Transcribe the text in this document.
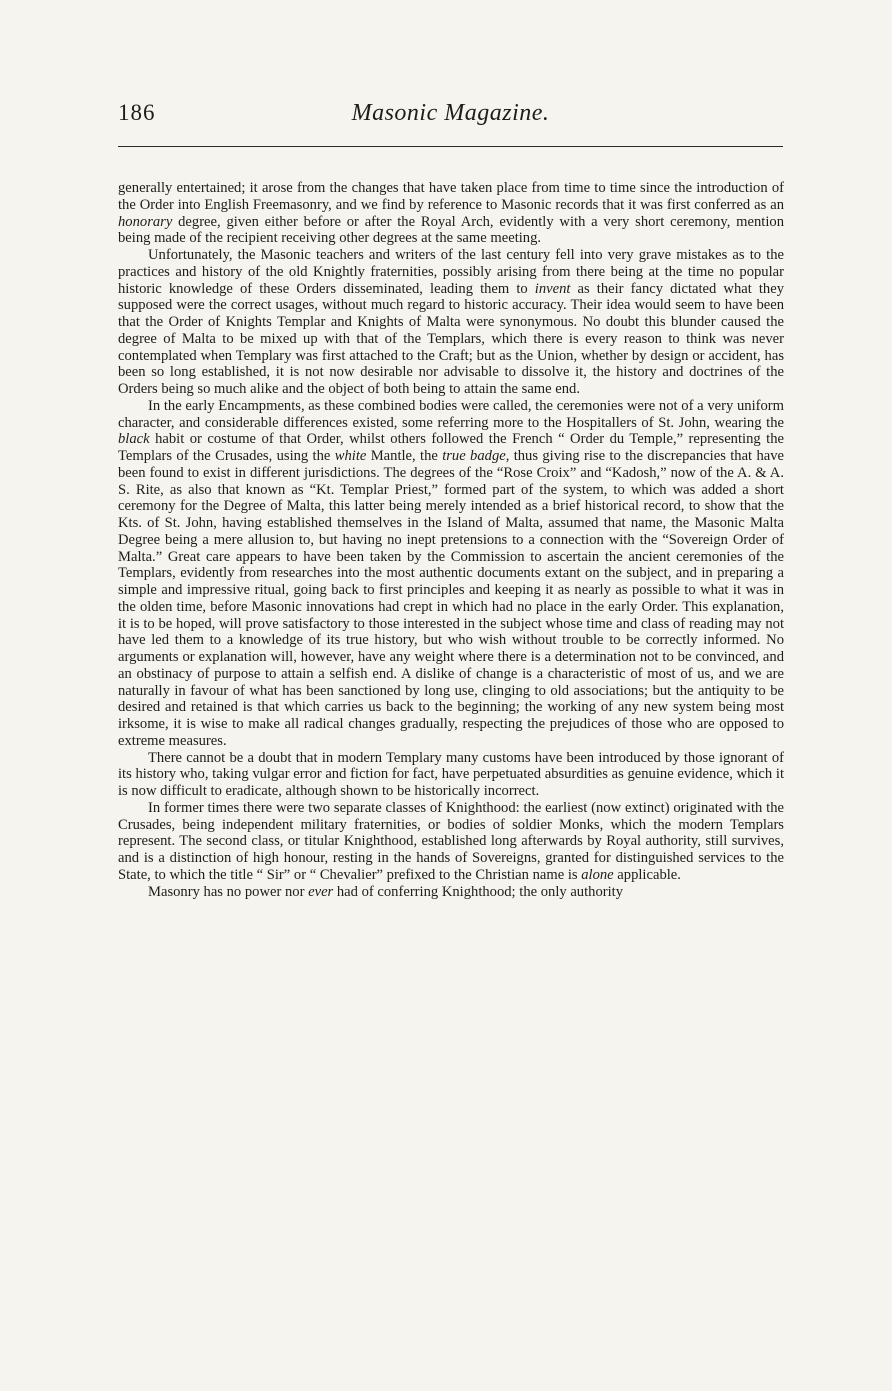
186	Masonic Magazine.

generally entertained; it arose from the changes that have taken place from time to time since the introduction of the Order into English Freemasonry, and we find by reference to Masonic records that it was first conferred as an honorary degree, given either before or after the Royal Arch, evidently with a very short ceremony, mention being made of the recipient receiving other degrees at the same meeting.

Unfortunately, the Masonic teachers and writers of the last century fell into very grave mistakes as to the practices and history of the old Knightly fraternities, possibly arising from there being at the time no popular historic knowledge of these Orders disseminated, leading them to invent as their fancy dictated what they supposed were the correct usages, without much regard to historic accuracy. Their idea would seem to have been that the Order of Knights Templar and Knights of Malta were synonymous. No doubt this blunder caused the degree of Malta to be mixed up with that of the Templars, which there is every reason to think was never contemplated when Templary was first attached to the Craft; but as the Union, whether by design or accident, has been so long established, it is not now desirable nor advisable to dissolve it, the history and doctrines of the Orders being so much alike and the object of both being to attain the same end.

In the early Encampments, as these combined bodies were called, the ceremonies were not of a very uniform character, and considerable differences existed, some referring more to the Hospitallers of St. John, wearing the black habit or costume of that Order, whilst others followed the French “ Order du Temple,” representing the Templars of the Crusades, using the white Mantle, the true badge, thus giving rise to the discrepancies that have been found to exist in different jurisdictions. The degrees of the “Rose Croix” and “Kadosh,” now of the A. & A. S. Rite, as also that known as “Kt. Templar Priest,” formed part of the system, to which was added a short ceremony for the Degree of Malta, this latter being merely intended as a brief historical record, to show that the Kts. of St. John, having established themselves in the Island of Malta, assumed that name, the Masonic Malta Degree being a mere allusion to, but having no inept pretensions to a connection with the “Sovereign Order of Malta.” Great care appears to have been taken by the Commission to ascertain the ancient ceremonies of the Templars, evidently from researches into the most authentic documents extant on the subject, and in preparing a simple and impressive ritual, going back to first principles and keeping it as nearly as possible to what it was in the olden time, before Masonic innovations had crept in which had no place in the early Order. This explanation, it is to be hoped, will prove satisfactory to those interested in the subject whose time and class of reading may not have led them to a knowledge of its true history, but who wish without trouble to be correctly informed. No arguments or explanation will, however, have any weight where there is a determination not to be convinced, and an obstinacy of purpose to attain a selfish end. A dislike of change is a characteristic of most of us, and we are naturally in favour of what has been sanctioned by long use, clinging to old associations; but the antiquity to be desired and retained is that which carries us back to the beginning; the working of any new system being most irksome, it is wise to make all radical changes gradually, respecting the prejudices of those who are opposed to extreme measures.

There cannot be a doubt that in modern Templary many customs have been introduced by those ignorant of its history who, taking vulgar error and fiction for fact, have perpetuated absurdities as genuine evidence, which it is now difficult to eradicate, although shown to be historically incorrect.

In former times there were two separate classes of Knighthood: the earliest (now extinct) originated with the Crusades, being independent military fraternities, or bodies of soldier Monks, which the modern Templars represent. The second class, or titular Knighthood, established long afterwards by Royal authority, still survives, and is a distinction of high honour, resting in the hands of Sovereigns, granted for distinguished services to the State, to which the title “ Sir” or “ Chevalier” prefixed to the Christian name is alone applicable.

Masonry has no power nor ever had of conferring Knighthood; the only authority
